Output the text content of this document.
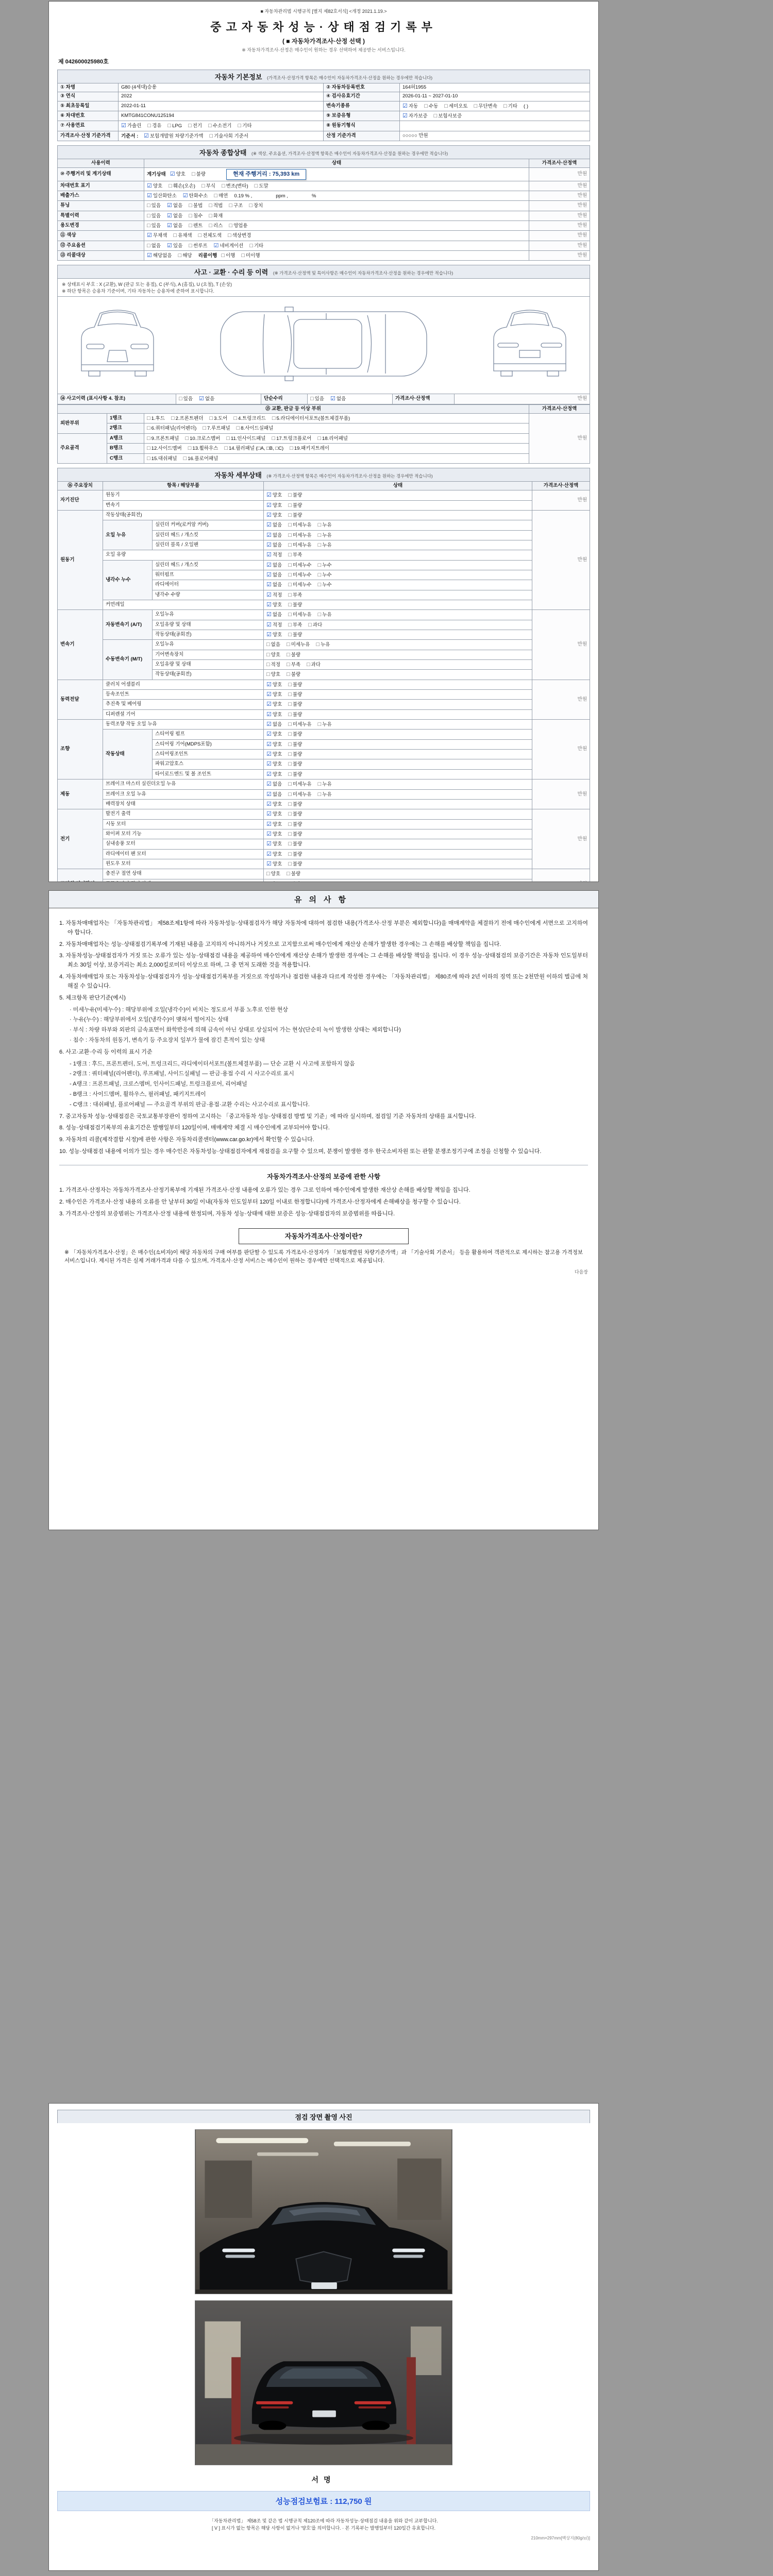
■ 자동차관리법 시행규칙 [별지 제82호서식] <개정 2021.1.19.>
중고자동차성능·상태점검기록부
( ■ 자동차가격조사·산정 선택 )
※ 자동차가격조사·산정은 매수인이 원하는 경우 선택하여 제공받는 서비스입니다.
제 042600025980호
자동차 기본정보 (가격조사·산정가격 항목은 매수인이 자동차가격조사·산정을 원하는 경우에만 적습니다)
① 차명	G80 (4세대)승용	② 자동차등록번호	164허1955
③ 연식	2022	④ 검사유효기간	2026-01-11 ~ 2027-01-10
⑤ 최초등록일	2022-01-11	변속기종류	☑ 자동 □ 수동 □ 세미오토 □ 무단변속 □ 기타 ( )
⑥ 차대번호	KMTG841CONU125194	⑨ 보증유형	☑ 자가보증 □ 보험사보증
⑦ 사용연료	☑ 가솔린 □ 경유 □ LPG □ 전기 □ 수소전기 □ 기타	⑧ 원동기형식	
가격조사·산정 기준가격	기준서 : ☑ 보험개발원 차량기준가액 □ 기술사회 기준서	산정 기준가격	○○○○○ 만원
자동차 종합상태 (※ 색상, 주요옵션, 가격조사·산정액 항목은 매수인이 자동차가격조사·산정을 원하는 경우에만 적습니다)
사용이력	상태	가격조사·산정액
⑩ 주행거리 및 계기상태	계기상태 ☑ 양호 □ 불량 현재 주행거리 : 75,393 km	만원
차대번호 표기	☑ 양호 □ 훼손(오손) □ 부식 □ 변조(변타) □ 도말	만원
배출가스	☑ 일산화탄소 ☑ 탄화수소 □ 매연 0.19 % , ppm , %	만원
튜닝	□ 있음 ☑ 없음 □ 불법 □ 적법 □ 구조 □ 장치	만원
특별이력	□ 있음 ☑ 없음 □ 침수 □ 화재	만원
용도변경	□ 있음 ☑ 없음 □ 렌트 □ 리스 □ 영업용	만원
⑪ 색상	☑ 무채색 □ 유채색 □ 전체도색 □ 색상변경	만원
⑫ 주요옵션	□ 없음 ☑ 있음 □ 썬루프 ☑ 네비게이션 □ 기타	만원
⑬ 리콜대상	☑ 해당없음 □ 해당 리콜이행 □ 이행 □ 미이행	만원
사고 · 교환 · 수리 등 이력 (※ 가격조사·산정액 및 특이사항은 매수인이 자동차가격조사·산정을 원하는 경우에만 적습니다)
※ 상태표시 부호 : X (교환), W (판금 또는 용접), C (부식), A (흠집), U (요철), T (손상)
※ 하단 항목은 승용차 기준이며, 기타 자동차는 승용차에 준하여 표시합니다.
⑭ 사고이력 (표시사항 4. 참조)	□ 있음 ☑ 없음	단순수리	□ 있음 ☑ 없음	가격조사·산정액	만원
⑮ 교환, 판금 등 이상 부위			가격조사·산정액
외판부위	1랭크	□ 1.후드 □ 2.프론트펜더 □ 3.도어 □ 4.트렁크리드 □ 5.라디에이터서포트(볼트체결부품)	만원
	2랭크	□ 6.쿼터패널(리어펜더) □ 7.루프패널 □ 8.사이드실패널	
주요골격	A랭크	□ 9.프론트패널 □ 10.크로스멤버 □ 11.인사이드패널 □ 17.트렁크플로어 □ 18.리어패널	
	B랭크	□ 12.사이드멤버 □ 13.휠하우스 □ 14.필러패널 (□A, □B, □C) □ 19.패키지트레이	
	C랭크	□ 15.대쉬패널 □ 16.플로어패널	
자동차 세부상태 (※ 가격조사·산정액 항목은 매수인이 자동차가격조사·산정을 원하는 경우에만 적습니다)
⑯ 주요장치	항목 / 해당부품		상태	가격조사·산정액
자기진단	원동기		☑ 양호 □ 불량	만원
	변속기		☑ 양호 □ 불량	
원동기	작동상태(공회전)		☑ 양호 □ 불량	만원
	오일 누유	실린더 커버(로커암 커버)	☑ 없음 □ 미세누유 □ 누유	
		실린더 헤드 / 개스킷	☑ 없음 □ 미세누유 □ 누유	
		실린더 블록 / 오일팬	☑ 없음 □ 미세누유 □ 누유	
	오일 유량		☑ 적정 □ 부족	
	냉각수 누수	실린더 헤드 / 개스킷	☑ 없음 □ 미세누수 □ 누수	
		워터펌프	☑ 없음 □ 미세누수 □ 누수	
		라디에이터	☑ 없음 □ 미세누수 □ 누수	
		냉각수 수량	☑ 적정 □ 부족	
	커먼레일		☑ 양호 □ 불량	
변속기	자동변속기 (A/T)	오일누유	☑ 없음 □ 미세누유 □ 누유	만원
		오일유량 및 상태	☑ 적정 □ 부족 □ 과다	
		작동상태(공회전)	☑ 양호 □ 불량	
	수동변속기 (M/T)	오일누유	□ 없음 □ 미세누유 □ 누유	
		기어변속장치	□ 양호 □ 불량	
		오일유량 및 상태	□ 적정 □ 부족 □ 과다	
		작동상태(공회전)	□ 양호 □ 불량	
동력전달	클러치 어셈블리		☑ 양호 □ 불량	만원
	등속조인트		☑ 양호 □ 불량	
	추진축 및 베어링		☑ 양호 □ 불량	
	디퍼렌셜 기어		☑ 양호 □ 불량	
조향	동력조향 작동 오일 누유		☑ 없음 □ 미세누유 □ 누유	만원
	작동상태	스티어링 펌프	☑ 양호 □ 불량	
		스티어링 기어(MDPS포함)	☑ 양호 □ 불량	
		스티어링조인트	☑ 양호 □ 불량	
		파워고압호스	☑ 양호 □ 불량	
		타이로드엔드 및 볼 조인트	☑ 양호 □ 불량	
제동	브레이크 마스터 실린더오일 누유		☑ 없음 □ 미세누유 □ 누유	만원
	브레이크 오일 누유		☑ 없음 □ 미세누유 □ 누유	
	배력장치 상태		☑ 양호 □ 불량	
전기	발전기 출력		☑ 양호 □ 불량	만원
	시동 모터		☑ 양호 □ 불량	
	와이퍼 모터 기능		☑ 양호 □ 불량	
	실내송풍 모터		☑ 양호 □ 불량	
	라디에이터 팬 모터		☑ 양호 □ 불량	
	윈도우 모터		☑ 양호 □ 불량	
	충전구 절연 상태		□ 양호 □ 불량	

유의사항

1. 자동차매매업자는 「자동차관리법」 제58조제1항에 따라 자동차성능·상태점검자가 해당 자동차에 대하여 점검한 내용(가격조사·산정 부분은 제외합니다)을 매매계약을 체결하기 전에 매수인에게 서면으로 고지하여야 합니다.

2. 자동차매매업자는 성능·상태점검기록부에 기재된 내용을 고지하지 아니하거나 거짓으로 고지함으로써 매수인에게 재산상 손해가 발생한 경우에는 그 손해를 배상할 책임을 집니다.

3. 자동차성능·상태점검자가 거짓 또는 오류가 있는 성능·상태점검 내용을 제공하여 매수인에게 재산상 손해가 발생한 경우에는 그 손해를 배상할 책임을 집니다. 이 경우 성능·상태점검의 보증기간은 자동차 인도일부터 최소 30일 이상, 보증거리는 최소 2,000킬로미터 이상으로 하며, 그 중 먼저 도래한 것을 적용합니다.

4. 자동차매매업자 또는 자동차성능·상태점검자가 성능·상태점검기록부를 거짓으로 작성하거나 점검한 내용과 다르게 작성한 경우에는 「자동차관리법」 제80조에 따라 2년 이하의 징역 또는 2천만원 이하의 벌금에 처해질 수 있습니다.

5. 체크항목 판단기준(예시)

· 미세누유(미세누수) : 해당부위에 오일(냉각수)이 비치는 정도로서 부품 노후로 인한 현상

· 누유(누수) : 해당부위에서 오일(냉각수)이 맺혀서 떨어지는 상태

· 부식 : 차량 하부와 외판의 금속표면이 화학반응에 의해 금속이 아닌 상태로 상실되어 가는 현상(단순히 녹이 발생한 상태는 제외합니다)

· 침수 : 자동차의 원동기, 변속기 등 주요장치 일부가 물에 잠긴 흔적이 있는 상태

6. 사고·교환·수리 등 이력의 표시 기준

- 1랭크 : 후드, 프론트펜더, 도어, 트렁크리드, 라디에이터서포트(볼트체결부품) — 단순 교환 시 사고에 포함하지 않음

- 2랭크 : 쿼터패널(리어펜더), 루프패널, 사이드실패널 — 판금·용접 수리 시 사고수리로 표시

- A랭크 : 프론트패널, 크로스멤버, 인사이드패널, 트렁크플로어, 리어패널

- B랭크 : 사이드멤버, 휠하우스, 필러패널, 패키지트레이

- C랭크 : 대쉬패널, 플로어패널 — 주요골격 부위의 판금·용접·교환 수리는 사고수리로 표시합니다.

7. 중고자동차 성능·상태점검은 국토교통부장관이 정하여 고시하는 「중고자동차 성능·상태점검 방법 및 기준」에 따라 실시하며, 점검일 기준 자동차의 상태를 표시합니다.

8. 성능·상태점검기록부의 유효기간은 발행일부터 120일이며, 매매계약 체결 시 매수인에게 교부되어야 합니다.

9. 자동차의 리콜(제작결함 시정)에 관한 사항은 자동차리콜센터(www.car.go.kr)에서 확인할 수 있습니다.

10. 성능·상태점검 내용에 이의가 있는 경우 매수인은 자동차성능·상태점검자에게 재점검을 요구할 수 있으며, 분쟁이 발생한 경우 한국소비자원 또는 관할 분쟁조정기구에 조정을 신청할 수 있습니다.

자동차가격조사·산정의 보증에 관한 사항

1. 가격조사·산정자는 자동차가격조사·산정기록부에 기재된 가격조사·산정 내용에 오류가 있는 경우 그로 인하여 매수인에게 발생한 재산상 손해를 배상할 책임을 집니다.

2. 매수인은 가격조사·산정 내용의 오류를 안 날부터 30일 이내(자동차 인도일부터 120일 이내로 한정합니다)에 가격조사·산정자에게 손해배상을 청구할 수 있습니다.

3. 가격조사·산정의 보증범위는 가격조사·산정 내용에 한정되며, 자동차 성능·상태에 대한 보증은 성능·상태점검자의 보증범위를 따릅니다.

자동차가격조사·산정이란?

※ 「자동차가격조사·산정」은 매수인(소비자)이 해당 자동차의 구매 여부를 판단할 수 있도록 가격조사·산정자가 「보험개발원 차량기준가액」과 「기술사회 기준서」 등을 활용하여 객관적으로 제시하는 참고용 가격정보 서비스입니다. 제시된 가격은 실제 거래가격과 다를 수 있으며, 가격조사·산정 서비스는 매수인이 원하는 경우에만 선택적으로 제공됩니다.

다음장
점검 장면 촬영 사진
서명
성능점검보험료 : 112,750 원
「자동차관리법」 제58조 및 같은 법 시행규칙 제120조에 따라 자동차성능·상태점검 내용을 위와 같이 교부합니다.
[ V ] 표시가 없는 항목은 해당 사항이 없거나 '양호'를 의미합니다. · 본 기록부는 발행일부터 120일간 유효합니다.
210mm×297mm[백상지(80g/㎡)]
